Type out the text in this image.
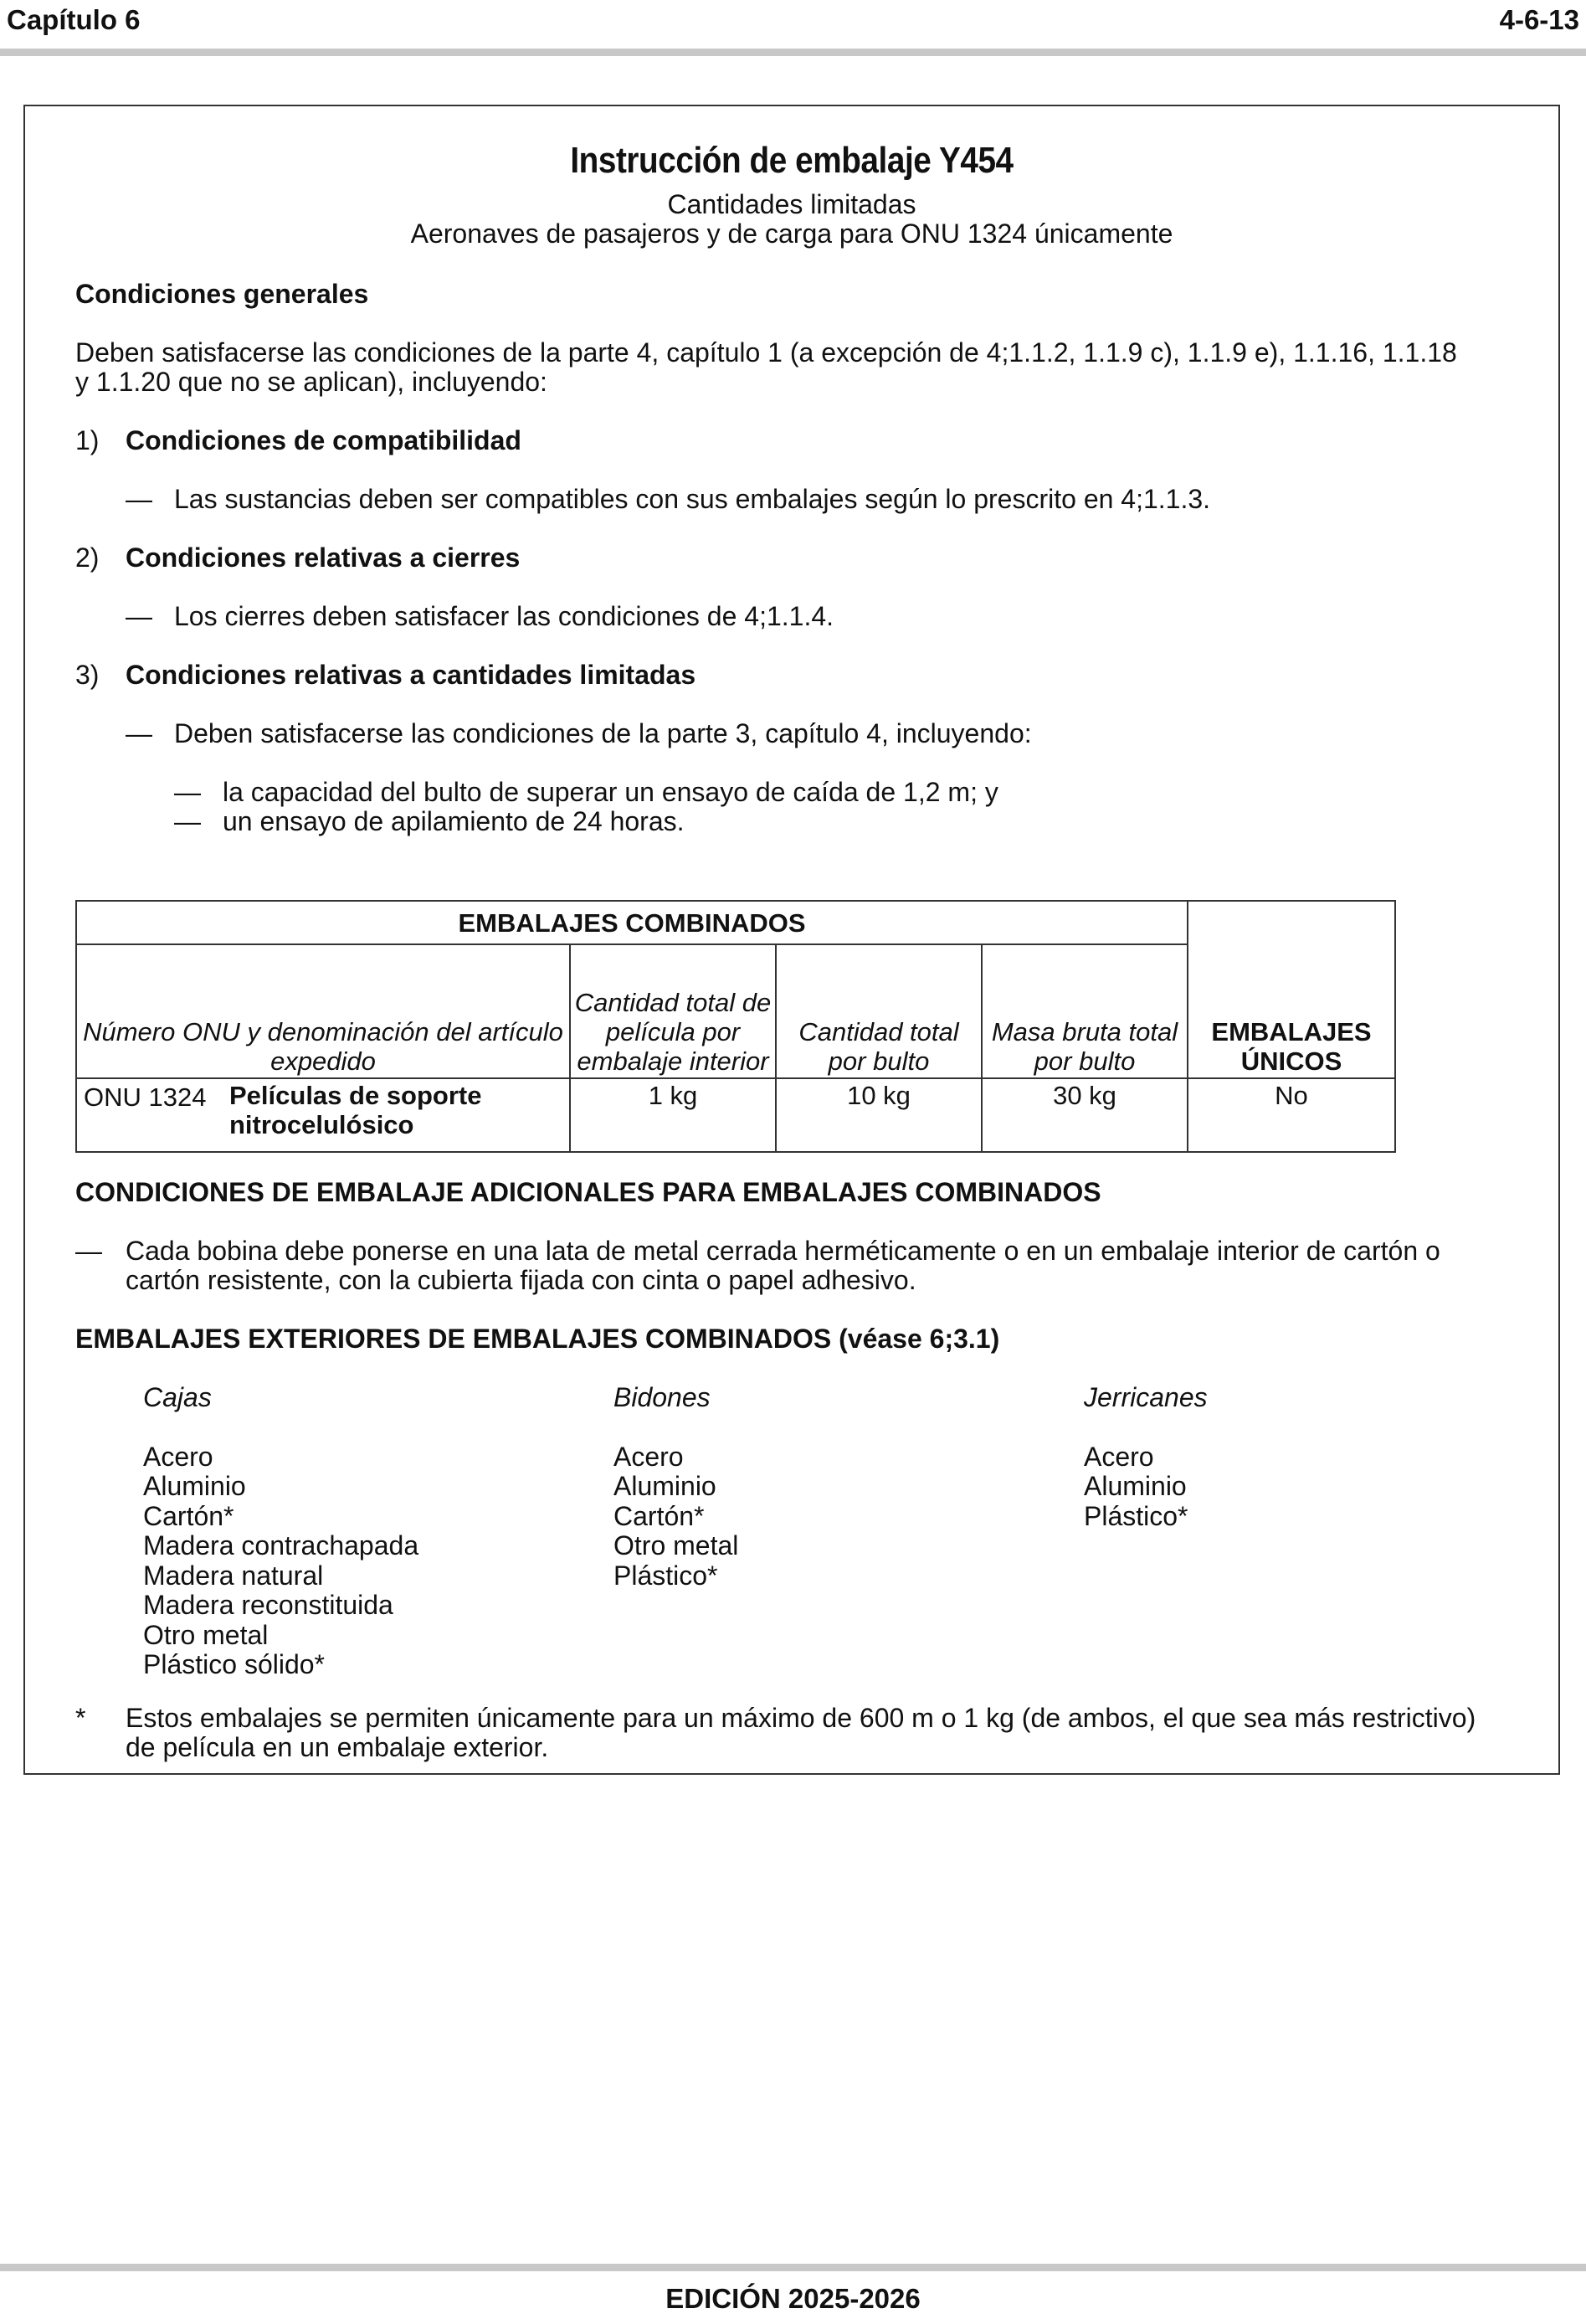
Capítulo 6	4-6-13
Instrucción de embalaje Y454
Cantidades limitadas
Aeronaves de pasajeros y de carga para ONU 1324 únicamente
Condiciones generales
Deben satisfacerse las condiciones de la parte 4, capítulo 1 (a excepción de 4;1.1.2, 1.1.9 c), 1.1.9 e), 1.1.16, 1.1.18
y 1.1.20 que no se aplican), incluyendo:
1) Condiciones de compatibilidad
— Las sustancias deben ser compatibles con sus embalajes según lo prescrito en 4;1.1.3.
2) Condiciones relativas a cierres
— Los cierres deben satisfacer las condiciones de 4;1.1.4.
3) Condiciones relativas a cantidades limitadas
— Deben satisfacerse las condiciones de la parte 3, capítulo 4, incluyendo:
— la capacidad del bulto de superar un ensayo de caída de 1,2 m; y
— un ensayo de apilamiento de 24 horas.
EMBALAJES COMBINADOS				EMBALAJES ÚNICOS
Número ONU y denominación del artículo expedido	Cantidad total de película por embalaje interior	Cantidad total por bulto	Masa bruta total por bulto	

ONU 1324 Películas de soporte nitrocelulósico	1 kg	10 kg	30 kg	No
CONDICIONES DE EMBALAJE ADICIONALES PARA EMBALAJES COMBINADOS
— Cada bobina debe ponerse en una lata de metal cerrada herméticamente o en un embalaje interior de cartón o
cartón resistente, con la cubierta fijada con cinta o papel adhesivo.
EMBALAJES EXTERIORES DE EMBALAJES COMBINADOS (véase 6;3.1)
Cajas
Acero
Aluminio
Cartón*
Madera contrachapada
Madera natural
Madera reconstituida
Otro metal
Plástico sólido*
Bidones
Acero
Aluminio
Cartón*
Otro metal
Plástico*
Jerricanes
Acero
Aluminio
Plástico*
* Estos embalajes se permiten únicamente para un máximo de 600 m o 1 kg (de ambos, el que sea más restrictivo)
de película en un embalaje exterior.
EDICIÓN 2025-2026
